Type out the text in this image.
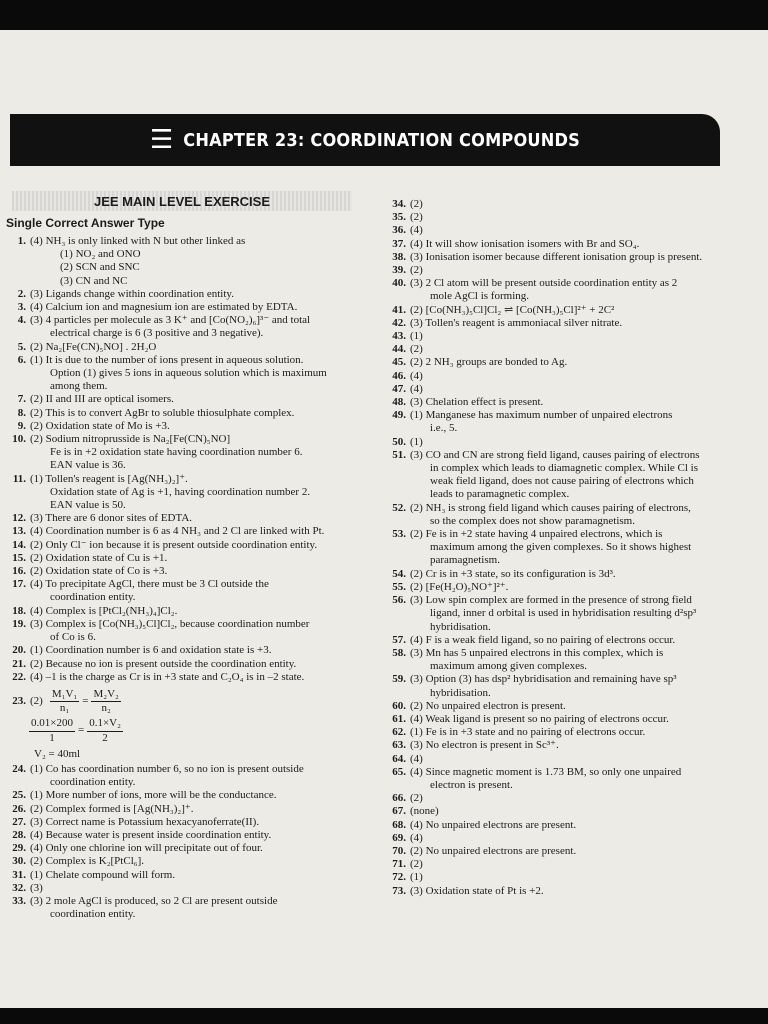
☰ CHAPTER 23: COORDINATION COMPOUNDS
JEE MAIN LEVEL EXERCISE
Single Correct Answer Type
1. (4) NH₃ is only linked with N but other linked as
(1) NO₂ and ONO
(2) SCN and SNC
(3) CN and NC
2. (3) Ligands change within coordination entity.
3. (4) Calcium ion and magnesium ion are estimated by EDTA.
4. (3) 4 particles per molecule as 3 K⁺ and [Co(NO₂)₆]³⁻ and total
electrical charge is 6 (3 positive and 3 negative).
5. (2) Na₂[Fe(CN)₅NO] . 2H₂O
6. (1) It is due to the number of ions present in aqueous solution.
Option (1) gives 5 ions in aqueous solution which is maximum
among them.
7. (2) II and III are optical isomers.
8. (2) This is to convert AgBr to soluble thiosulphate complex.
9. (2) Oxidation state of Mo is +3.
10. (2) Sodium nitroprusside is Na₂[Fe(CN)₅NO]
Fe is in +2 oxidation state having coordination number 6.
EAN value is 36.
11. (1) Tollen's reagent is [Ag(NH₃)₂]⁺.
Oxidation state of Ag is +1, having coordination number 2.
EAN value is 50.
12. (3) There are 6 donor sites of EDTA.
13. (4) Coordination number is 6 as 4 NH₃ and 2 Cl are linked with Pt.
14. (2) Only Cl⁻ ion because it is present outside coordination entity.
15. (2) Oxidation state of Cu is +1.
16. (2) Oxidation state of Co is +3.
17. (4) To precipitate AgCl, there must be 3 Cl outside the
coordination entity.
18. (4) Complex is [PtCl₂(NH₃)₄]Cl₂.
19. (3) Complex is [Co(NH₃)₅Cl]Cl₂, because coordination number
of Co is 6.
20. (1) Coordination number is 6 and oxidation state is +3.
21. (2) Because no ion is present outside the coordination entity.
22. (4) –1 is the charge as Cr is in +3 state and C₂O₄ is in –2 state.
23. $(2) \frac{\text{M₁V₁}}{\text{n₁}} = \frac{\text{M₂V₂}}{\text{n₂}}$
$\frac{0.01\times 200}{1} = \frac{\text{0.1×V₂}}{2}$
V₂ = 40ml
24. (1) Co has coordination number 6, so no ion is present outside
coordination entity.
25. (1) More number of ions, more will be the conductance.
26. (2) Complex formed is [Ag(NH₃)₂]⁺.
27. (3) Correct name is Potassium hexacyanoferrate(II).
28. (4) Because water is present inside coordination entity.
29. (4) Only one chlorine ion will precipitate out of four.
30. (2) Complex is K₂[PtCl₆].
31. (1) Chelate compound will form.
32. (3)
33. (3) 2 mole AgCl is produced, so 2 Cl are present outside
coordination entity.
34. (2)
35. (2)
36. (4)
37. (4) It will show ionisation isomers with Br and SO₄.
38. (3) Ionisation isomer because different ionisation group is present.
39. (2)
40. (3) 2 Cl atom will be present outside coordination entity as 2
mole AgCl is forming.
41. (2) [Co(NH₃)₅Cl]Cl₂ ⇌ [Co(NH₃)₅Cl]²⁺ + 2C²
42. (3) Tollen's reagent is ammoniacal silver nitrate.
43. (1)
44. (2)
45. (2) 2 NH₃ groups are bonded to Ag.
46. (4)
47. (4)
48. (3) Chelation effect is present.
49. (1) Manganese has maximum number of unpaired electrons
i.e., 5.
50. (1)
51. (3) CO and CN are strong field ligand, causes pairing of electrons
in complex which leads to diamagnetic complex. While Cl is
weak field ligand, does not cause pairing of electrons which
leads to paramagnetic complex.
52. (2) NH₃ is strong field ligand which causes pairing of electrons,
so the complex does not show paramagnetism.
53. (2) Fe is in +2 state having 4 unpaired electrons, which is
maximum among the given complexes. So it shows highest
paramagnetism.
54. (2) Cr is in +3 state, so its configuration is 3d³.
55. (2) [Fe(H₂O)₅NO⁺]²⁺.
56. (3) Low spin complex are formed in the presence of strong field
ligand, inner d orbital is used in hybridisation resulting d²sp³
hybridisation.
57. (4) F is a weak field ligand, so no pairing of electrons occur.
58. (3) Mn has 5 unpaired electrons in this complex, which is
maximum among given complexes.
59. (3) Option (3) has dsp² hybridisation and remaining have sp³
hybridisation.
60. (2) No unpaired electron is present.
61. (4) Weak ligand is present so no pairing of electrons occur.
62. (1) Fe is in +3 state and no pairing of electrons occur.
63. (3) No electron is present in Sc³⁺.
64. (4)
65. (4) Since magnetic moment is 1.73 BM, so only one unpaired
electron is present.
66. (2)
67. (none)
68. (4) No unpaired electrons are present.
69. (4)
70. (2) No unpaired electrons are present.
71. (2)
72. (1)
73. (3) Oxidation state of Pt is +2.
